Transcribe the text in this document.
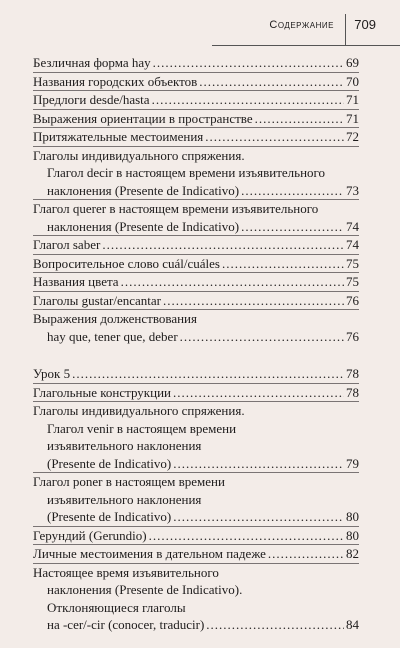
Содержание 709
Безличная форма hay .....	69
Названия городских объектов .....	70
Предлоги desde/hasta .....	71
Выражения ориентации в пространстве .....	71
Притяжательные местоимения .....	72
Глаголы индивидуального спряжения.
Глагол decir в настоящем времени изъявительного
наклонения (Presente de Indicativo) .....	73
Глагол querer в настоящем времени изъявительного
наклонения (Presente de Indicativo) .....	74
Глагол saber .....	74
Вопросительное слово cuál/cuáles .....	75
Названия цвета .....	75
Глаголы gustar/encantar .....	76
Выражения долженствования
hay que, tener que, deber .....	76
Урок 5 .....	78
Глагольные конструкции .....	78
Глаголы индивидуального спряжения.
Глагол venir в настоящем времени
изъявительного наклонения
(Presente de Indicativo) .....	79
Глагол poner в настоящем времени
изъявительного наклонения
(Presente de Indicativo) .....	80
Герундий (Gerundio) .....	80
Личные местоимения в дательном падеже .....	82
Настоящее время изъявительного
наклонения (Presente de Indicativo).
Отклоняющиеся глаголы
на -cer/-cir (conocer, traducir) .....	84
